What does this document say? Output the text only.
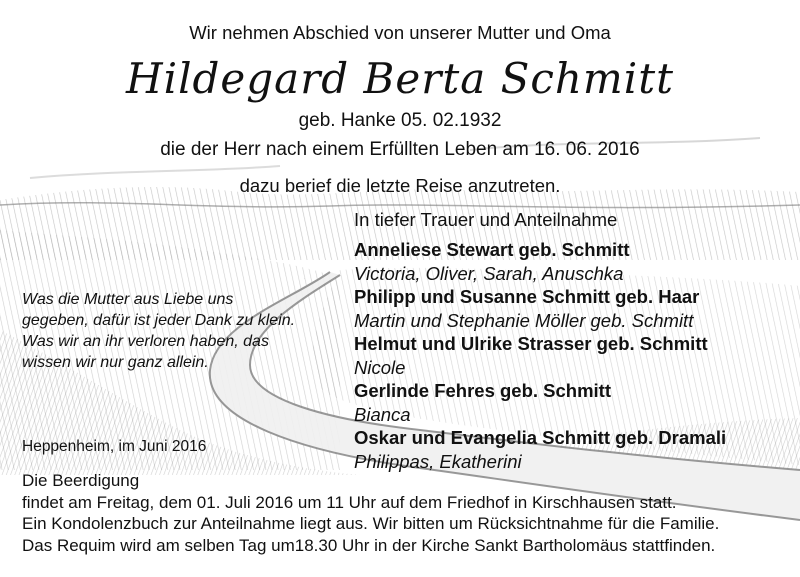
Wir nehmen Abschied von unserer Mutter und Oma
Hildegard Berta Schmitt
geb. Hanke 05. 02.1932
die der Herr nach einem Erfüllten Leben am 16. 06. 2016
dazu berief die letzte Reise anzutreten.
In tiefer Trauer und Anteilnahme
Anneliese Stewart geb. Schmitt
Victoria, Oliver, Sarah, Anuschka
Philipp und Susanne Schmitt geb. Haar
Martin und Stephanie Möller geb. Schmitt
Helmut und Ulrike Strasser geb. Schmitt
Nicole
Gerlinde Fehres geb. Schmitt
Bianca
Oskar und Evangelia Schmitt geb. Dramali
Philippas, Ekatherini
Was die Mutter aus Liebe uns
gegeben, dafür ist jeder Dank zu klein.
Was wir an ihr verloren haben, das
wissen wir nur ganz allein.
Heppenheim, im Juni 2016
Die Beerdigung
findet am Freitag, dem 01. Juli 2016 um 11 Uhr auf dem Friedhof in Kirschhausen statt.
Ein Kondolenzbuch zur Anteilnahme liegt aus. Wir bitten um Rücksichtnahme für die Familie.
Das Requim wird am selben Tag um18.30 Uhr in der Kirche Sankt Bartholomäus stattfinden.
